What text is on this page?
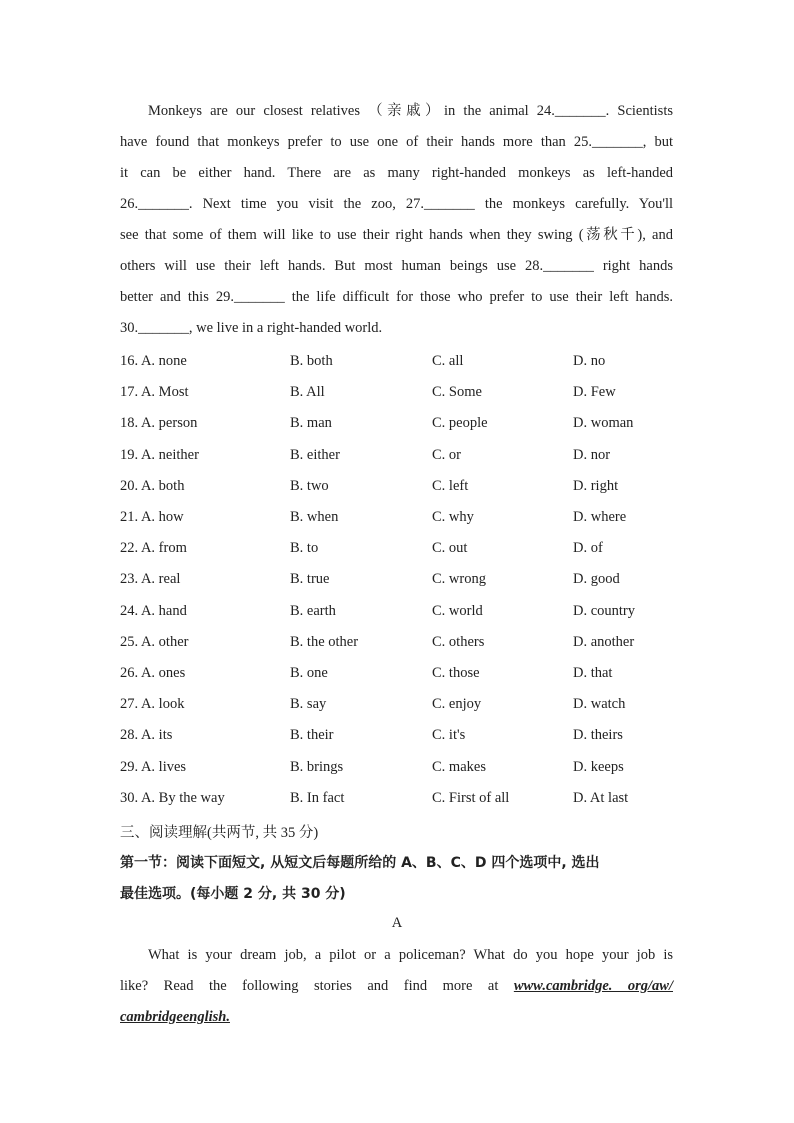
Monkeys are our closest relatives （亲戚）in the animal 24._______. Scientists
have found that monkeys prefer to use one of their hands more than 25._______, but
it can be either hand. There are as many right-handed monkeys as left-handed
26._______. Next time you visit the zoo, 27._______ the monkeys carefully. You'll
see that some of them will like to use their right hands when they swing (荡秋千), and
others will use their left hands. But most human beings use 28._______ right hands
better and this 29._______ the life difficult for those who prefer to use their left hands.
30._______, we live in a right-handed world.

16. A. none	B. both	C. all	D. no
17. A. Most	B. All	C. Some	D. Few
18. A. person	B. man	C. people	D. woman
19. A. neither	B. either	C. or	D. nor
20. A. both	B. two	C. left	D. right
21. A. how	B. when	C. why	D. where
22. A. from	B. to	C. out	D. of
23. A. real	B. true	C. wrong	D. good
24. A. hand	B. earth	C. world	D. country
25. A. other	B. the other	C. others	D. another
26. A. ones	B. one	C. those	D. that
27. A. look	B. say	C. enjoy	D. watch
28. A. its	B. their	C. it's	D. theirs
29. A. lives	B. brings	C. makes	D. keeps
30. A. By the way	B. In fact	C. First of all	D. At last
三、阅读理解(共两节, 共 35 分)
第一节：阅读下面短文, 从短文后每题所给的 A、B、C、D 四个选项中, 选出
最佳选项。(每小题 2 分, 共 30 分)
A

What is your dream job, a pilot or a policeman? What do you hope your job is
like? Read the following stories and find more at www.cambridge. org/aw/
cambridgeenglish.
